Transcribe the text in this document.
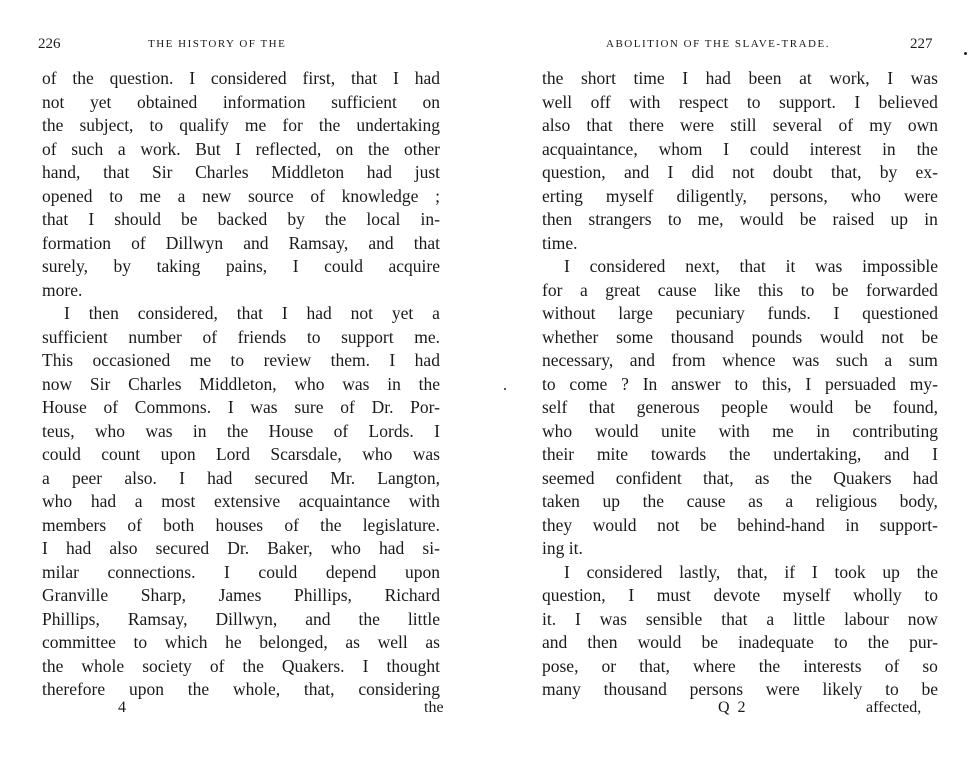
226	THE HISTORY OF THE
of the question. I considered first, that I had
not yet obtained information sufficient on
the subject, to qualify me for the undertaking
of such a work. But I reflected, on the other
hand, that Sir Charles Middleton had just
opened to me a new source of knowledge ;
that I should be backed by the local in-
formation of Dillwyn and Ramsay, and that
surely, by taking pains, I could acquire
more.
I then considered, that I had not yet a
sufficient number of friends to support me.
This occasioned me to review them. I had
now Sir Charles Middleton, who was in the
House of Commons. I was sure of Dr. Por-
teus, who was in the House of Lords. I
could count upon Lord Scarsdale, who was
a peer also. I had secured Mr. Langton,
who had a most extensive acquaintance with
members of both houses of the legislature.
I had also secured Dr. Baker, who had si-
milar connections. I could depend upon
Granville Sharp, James Phillips, Richard
Phillips, Ramsay, Dillwyn, and the little
committee to which he belonged, as well as
the whole society of the Quakers. I thought
therefore upon the whole, that, considering
4	the
ABOLITION OF THE SLAVE-TRADE.	227
the short time I had been at work, I was
well off with respect to support. I believed
also that there were still several of my own
acquaintance, whom I could interest in the
question, and I did not doubt that, by ex-
erting myself diligently, persons, who were
then strangers to me, would be raised up in
time.
I considered next, that it was impossible
for a great cause like this to be forwarded
without large pecuniary funds. I questioned
whether some thousand pounds would not be
necessary, and from whence was such a sum
to come ? In answer to this, I persuaded my-
self that generous people would be found,
who would unite with me in contributing
their mite towards the undertaking, and I
seemed confident that, as the Quakers had
taken up the cause as a religious body,
they would not be behind-hand in support-
ing it.
I considered lastly, that, if I took up the
question, I must devote myself wholly to
it. I was sensible that a little labour now
and then would be inadequate to the pur-
pose, or that, where the interests of so
many thousand persons were likely to be
Q 2	affected,
